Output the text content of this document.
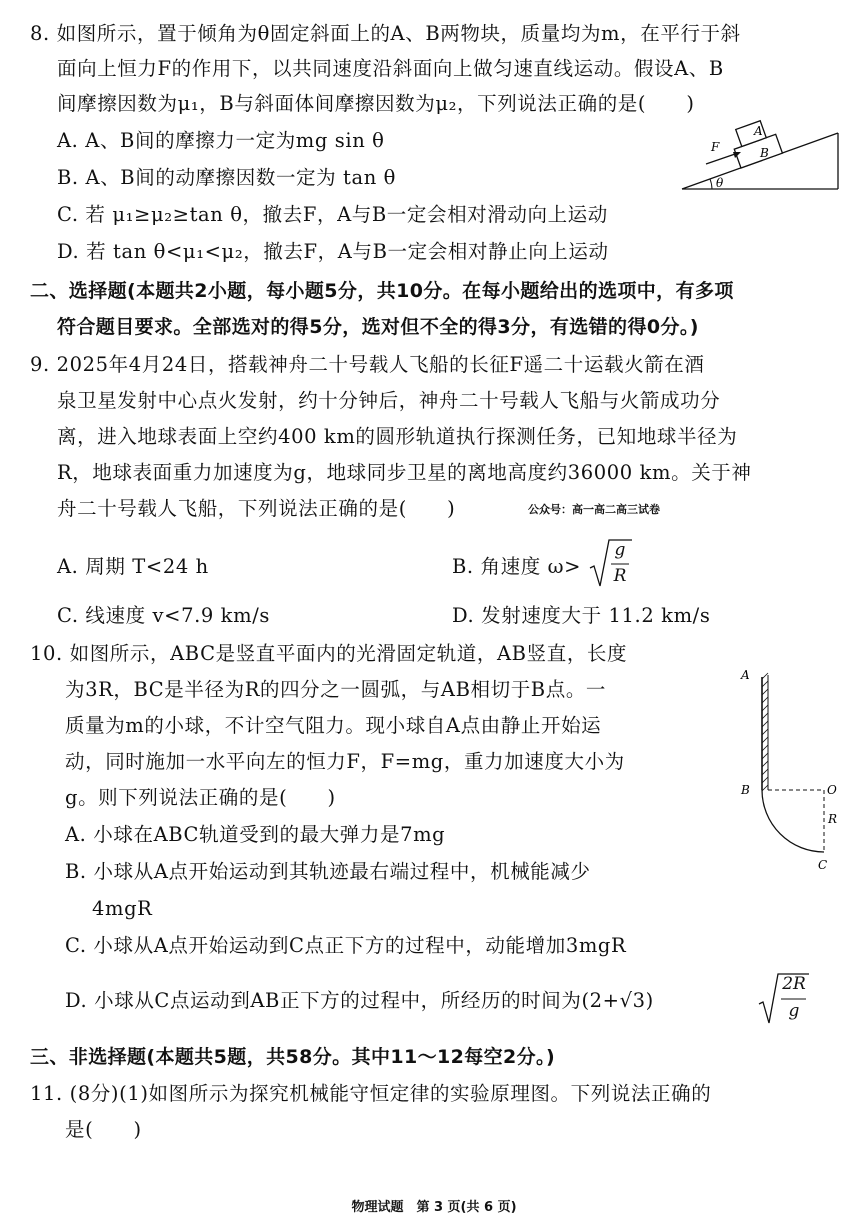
8. 如图所示，置于倾角为θ固定斜面上的A、B两物块，质量均为m，在平行于斜
面向上恒力F的作用下，以共同速度沿斜面向上做匀速直线运动。假设A、B
间摩擦因数为μ₁，B与斜面体间摩擦因数为μ₂，下列说法正确的是(　　)
A. A、B间的摩擦力一定为mg sin θ
B. A、B间的动摩擦因数一定为 tan θ
C. 若 μ₁≥μ₂≥tan θ，撤去F，A与B一定会相对滑动向上运动
D. 若 tan θ<μ₁<μ₂，撤去F，A与B一定会相对静止向上运动
F
A
B
θ
二、选择题(本题共2小题，每小题5分，共10分。在每小题给出的选项中，有多项
符合题目要求。全部选对的得5分，选对但不全的得3分，有选错的得0分。)
9. 2025年4月24日，搭载神舟二十号载人飞船的长征F遥二十运载火箭在酒
泉卫星发射中心点火发射，约十分钟后，神舟二十号载人飞船与火箭成功分
离，进入地球表面上空约400 km的圆形轨道执行探测任务，已知地球半径为
R，地球表面重力加速度为g，地球同步卫星的离地高度约36000 km。关于神
舟二十号载人飞船，下列说法正确的是(　　)	公众号：高一高二高三试卷
A. 周期 T<24 h	B. 角速度 ω>
g
R
C. 线速度 v<7.9 km/s	D. 发射速度大于 11.2 km/s
10. 如图所示，ABC是竖直平面内的光滑固定轨道，AB竖直，长度
为3R，BC是半径为R的四分之一圆弧，与AB相切于B点。一
质量为m的小球，不计空气阻力。现小球自A点由静止开始运
动，同时施加一水平向左的恒力F，F=mg，重力加速度大小为
g。则下列说法正确的是(　　)
A. 小球在ABC轨道受到的最大弹力是7mg
B. 小球从A点开始运动到其轨迹最右端过程中，机械能减少
4mgR
C. 小球从A点开始运动到C点正下方的过程中，动能增加3mgR
D. 小球从C点运动到AB正下方的过程中，所经历的时间为(2+√3)
2R
g
A
B	O
R
C
三、非选择题(本题共5题，共58分。其中11～12每空2分。)
11. (8分)(1)如图所示为探究机械能守恒定律的实验原理图。下列说法正确的
是(　　)
物理试题　第 3 页(共 6 页)
